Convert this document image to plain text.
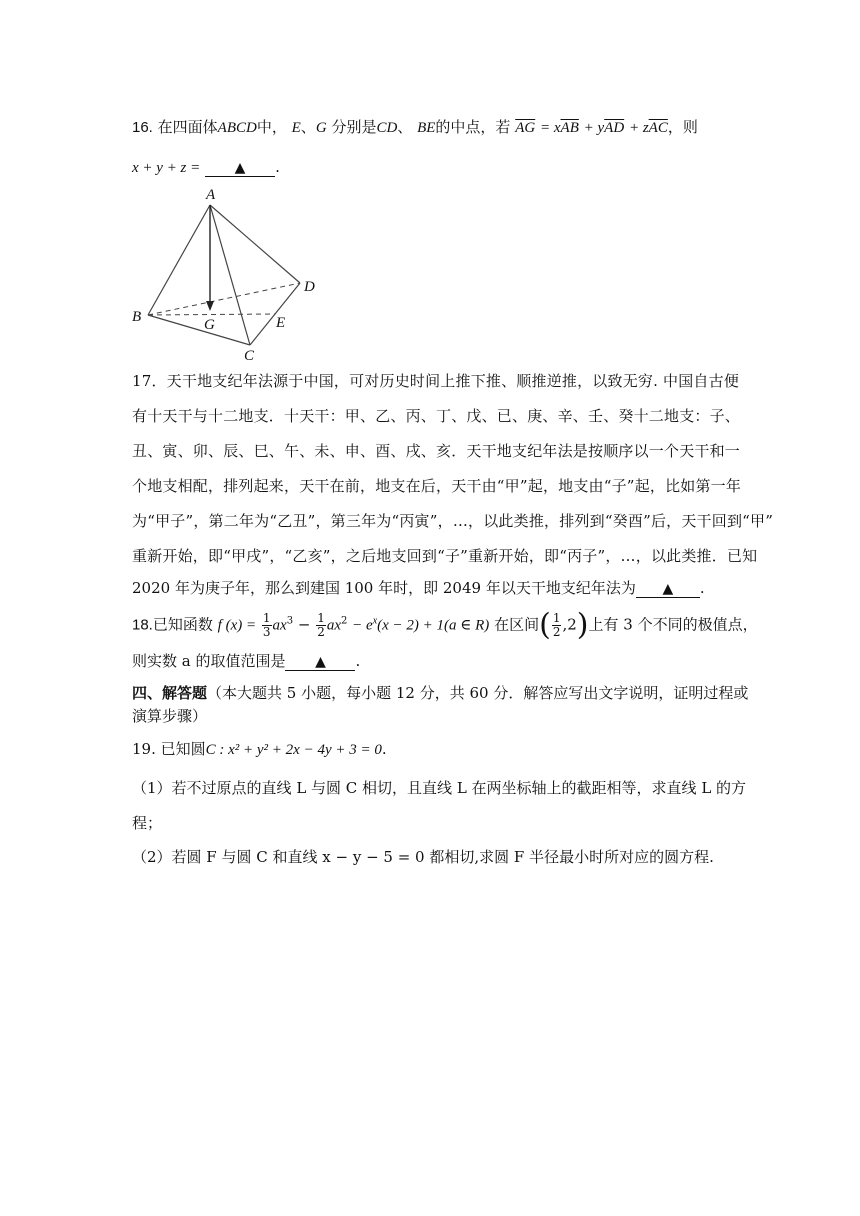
16. 在四面体ABCD中， E、G 分别是CD、 BE的中点，若 $\overline{AG} = x\overline{AB} + y\overline{AD} + z\overline{AC}$，则
x + y + z = ▲ .
A
B
C
D
E
G
17．天干地支纪年法源于中国，可对历史时间上推下推、顺推逆推，以致无穷. 中国自古便
有十天干与十二地支．十天干：甲、乙、丙、丁、戊、已、庚、辛、壬、癸十二地支：子、
丑、寅、卯、辰、巳、午、未、申、酉、戌、亥．天干地支纪年法是按顺序以一个天干和一
个地支相配，排列起来，天干在前，地支在后，天干由“甲”起，地支由“子”起，比如第一年
为“甲子”，第二年为“乙丑”，第三年为“丙寅”，…，以此类推，排列到“癸酉”后，天干回到“甲”
重新开始，即“甲戌”，“乙亥”，之后地支回到“子”重新开始，即“丙子”，…，以此类推．已知
2020 年为庚子年，那么到建国 100 年时，即 2049 年以天干地支纪年法为 ▲ .
18.已知函数 f $(x) = \frac{1}{3} ax^3 - \frac{1}{2} ax^2 - e^x(x - 2) + 1(a$ ∈ R) 在区间( $\frac{1}{2} ,2$)上有 3 个不同的极值点，
则实数 a 的取值范围是 ▲ .
四、解答题（本大题共 5 小题，每小题 12 分，共 60 分．解答应写出文字说明，证明过程或
演算步骤）
19. 已知圆C : x² + y² + 2x − 4y + 3 = 0.
（1）若不过原点的直线 L 与圆 C 相切，且直线 L 在两坐标轴上的截距相等，求直线 L 的方
程；
（2）若圆 F 与圆 C 和直线 x − y − 5 = 0 都相切,求圆 F 半径最小时所对应的圆方程.
